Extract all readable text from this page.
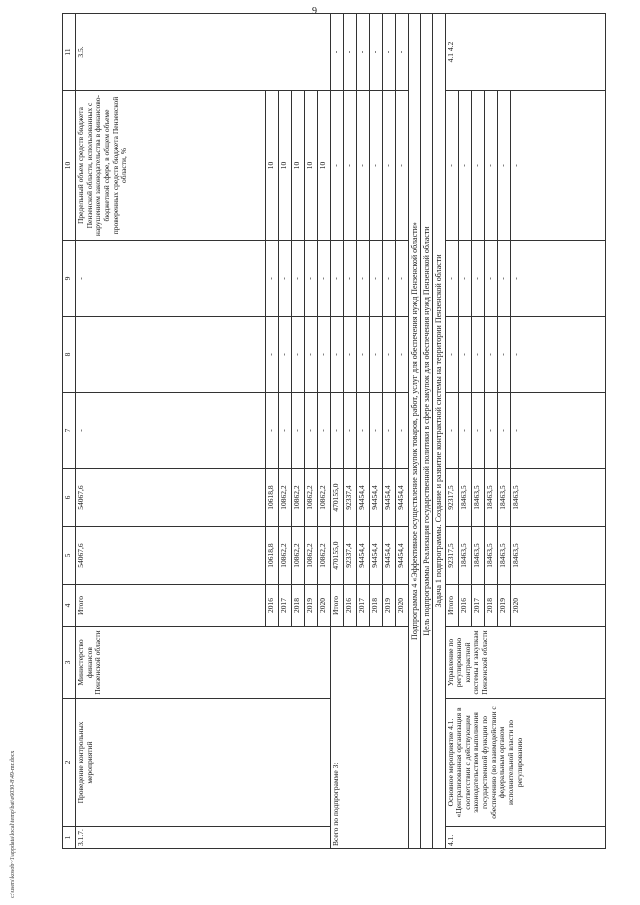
9
1	2	3	4	5	6	7	8	9	10	11
3.1.7.	Проведение контрольных мероприятий	Министерство финансов Пензенской области	Итого	54067,6	54067,6	-		-	Предельный объем средств бюджета Пензенской области, использованных с нарушением законодательства в финансово-бюджетной сфере, в общем объеме проверенных средств бюджета Пензенской области, %	3.5.
			2016	10618,8	10618,8	-	-	-	10	
			2017	10862,2	10862,2	-	-	-	10	
			2018	10862,2	10862,2	-	-	-	10	
			2019	10862,2	10862,2	-	-	-	10	
			2020	10862,2	10862,2	-	-	-	10	
Всего по подпрограмме 3:			Итого	470155,0	470155,0	-	-	-	-	-
			2016	92337,4	92337,4	-	-	-	-	-
			2017	94454,4	94454,4	-	-	-	-	-
			2018	94454,4	94454,4	-	-	-	-	-
			2019	94454,4	94454,4	-	-	-	-	-
			2020	94454,4	94454,4	-	-	-	-	-
Подпрограмма 4 «Эффективное осуществление закупок товаров, работ, услуг для обеспечения нужд Пензенской области»										
Цель подпрограммы Реализация государственной политики в сфере закупок для обеспечения нужд Пензенской области										
Задача 1 подпрограммы. Создание и развитие контрактной системы на территории Пензенской области										
4.1.	Основное мероприятие 4.1. «Централизованная организация в соответствии с действующим законодательством выполнения государственной функции по обеспечению (во взаимодействии с федеральным органом исполнительной власти по регулированию	Управление по регулированию контрактной системы и закупкам Пензенской области	Итого	92317,5	92317,5	-	-	-	-	4.1 4.2
			2016	18463,5	18463,5	-	-	-	-	
			2017	18463,5	18463,5	-	-	-	-	
			2018	18463,5	18463,5	-	-	-	-	
			2019	18463,5	18463,5	-	-	-	-	
			2020	18463,5	18463,5	-	-	-	-	
c:\users\kosob~1\appdata\local\temp\bat\e6030-8\49-mr.docx
